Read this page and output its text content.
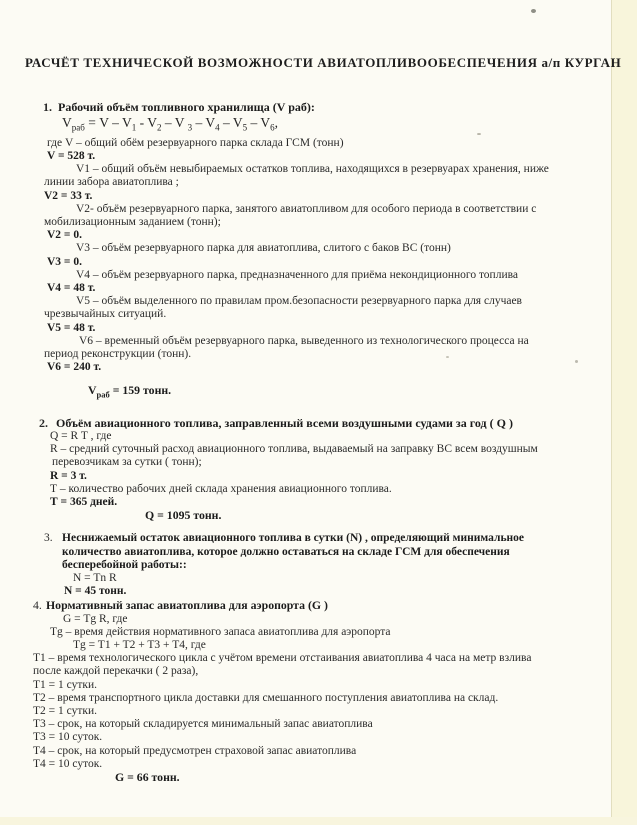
РАСЧЁТ ТЕХНИЧЕСКОЙ ВОЗМОЖНОСТИ АВИАТОПЛИВООБЕСПЕЧЕНИЯ а/п КУРГАН
1. Рабочий объём топливного хранилища (V раб):
$V_{раб} = V - V_1 - V_2 - V$ $_3 - V_4 - V_5 - V_6$,
где V – общий обём резервуарного парка склада ГСМ (тонн)
V = 528 т.
V1 – общий объём невыбираемых остатков топлива, находящихся в резервуарах хранения, ниже
линии забора авиатоплива ;
V2 = 33 т.
V2- объём резервуарного парка, занятого авиатопливом для особого периода в соответствии с
мобилизационным заданием (тонн);
V2 = 0.
V3 – объём резервуарного парка для авиатоплива, слитого с баков ВС (тонн)
V3 = 0.
V4 – объём резервуарного парка, предназначенного для приёма некондиционного топлива
V4 = 48 т.
V5 – объём выделенного по правилам пром.безопасности резервуарного парка для случаев
чрезвычайных ситуаций.
V5 = 48 т.
V6 – временный объём резервуарного парка, выведенного из технологического процесса на
период реконструкции (тонн).
V6 = 240 т.
$V_{раб} = 159$ тонн.
2. Объём авиационного топлива, заправленный всеми воздушными судами за год ( Q )
Q = R T , где
R – средний суточный расход авиационного топлива, выдаваемый на заправку ВС всем воздушным
перевозчикам за сутки ( тонн);
R = 3 т.
Т – количество рабочих дней склада хранения авиационного топлива.
Т = 365 дней.
Q = 1095 тонн.
3. Неснижаемый остаток авиационного топлива в сутки (N) , определяющий минимальное
количество авиатоплива, которое должно оставаться на складе ГСМ для обеспечения
бесперебойной работы::
N = Tn R
N = 45 тонн.
4. Нормативный запас авиатоплива для аэропорта (G )
G = Tg R, где
Tg – время действия нормативного запаса авиатоплива для аэропорта
Tg = T1 + T2 + T3 + T4, где
Т1 – время технологического цикла с учётом времени отстаивания авиатоплива 4 часа на метр взлива
после каждой перекачки ( 2 раза),
Т1 = 1 сутки.
Т2 – время транспортного цикла доставки для смешанного поступления авиатоплива на склад.
Т2 = 1 сутки.
Т3 – срок, на который складируется минимальный запас авиатоплива
Т3 = 10 суток.
Т4 – срок, на который предусмотрен страховой запас авиатоплива
Т4 = 10 суток.
G = 66 тонн.
